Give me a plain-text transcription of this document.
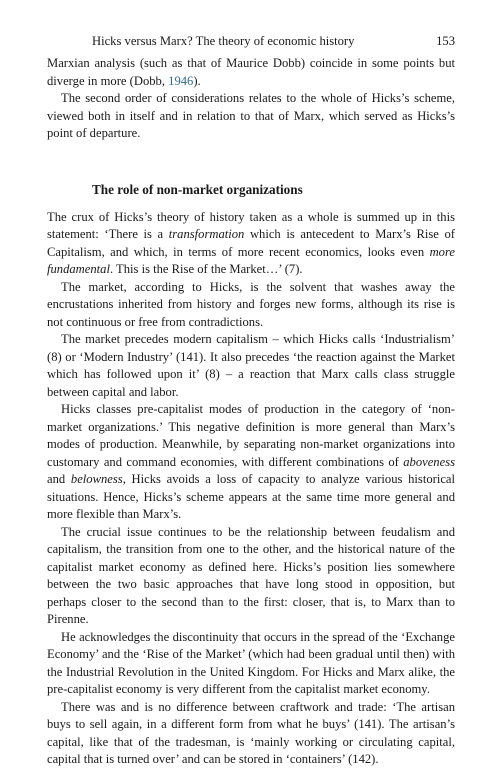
Hicks versus Marx? The theory of economic history	153

Marxian analysis (such as that of Maurice Dobb) coincide in some points but diverge in more (Dobb, 1946).

The second order of considerations relates to the whole of Hicks’s scheme, viewed both in itself and in relation to that of Marx, which served as Hicks’s point of departure.

The role of non-market organizations

The crux of Hicks’s theory of history taken as a whole is summed up in this statement: ‘There is a transformation which is antecedent to Marx’s Rise of Capitalism, and which, in terms of more recent economics, looks even more fundamental. This is the Rise of the Market…’ (7).

The market, according to Hicks, is the solvent that washes away the encrustations inherited from history and forges new forms, although its rise is not continuous or free from contradictions.

The market precedes modern capitalism – which Hicks calls ‘Industrialism’ (8) or ‘Modern Industry’ (141). It also precedes ‘the reaction against the Market which has followed upon it’ (8) – a reaction that Marx calls class struggle between capital and labor.

Hicks classes pre-capitalist modes of production in the category of ‘non-market organizations.’ This negative definition is more general than Marx’s modes of production. Meanwhile, by separating non-market organizations into customary and command economies, with different combinations of aboveness and belowness, Hicks avoids a loss of capacity to analyze various historical situations. Hence, Hicks’s scheme appears at the same time more general and more flexible than Marx’s.

The crucial issue continues to be the relationship between feudalism and capitalism, the transition from one to the other, and the historical nature of the capitalist market economy as defined here. Hicks’s position lies somewhere between the two basic approaches that have long stood in opposition, but perhaps closer to the second than to the first: closer, that is, to Marx than to Pirenne.

He acknowledges the discontinuity that occurs in the spread of the ‘Exchange Economy’ and the ‘Rise of the Market’ (which had been gradual until then) with the Industrial Revolution in the United Kingdom. For Hicks and Marx alike, the pre-capitalist economy is very different from the capitalist market economy.

There was and is no difference between craftwork and trade: ‘The artisan buys to sell again, in a different form from what he buys’ (141). The artisan’s capital, like that of the tradesman, is ‘mainly working or circulating capital, capital that is turned over’ and can be stored in ‘containers’ (142).
